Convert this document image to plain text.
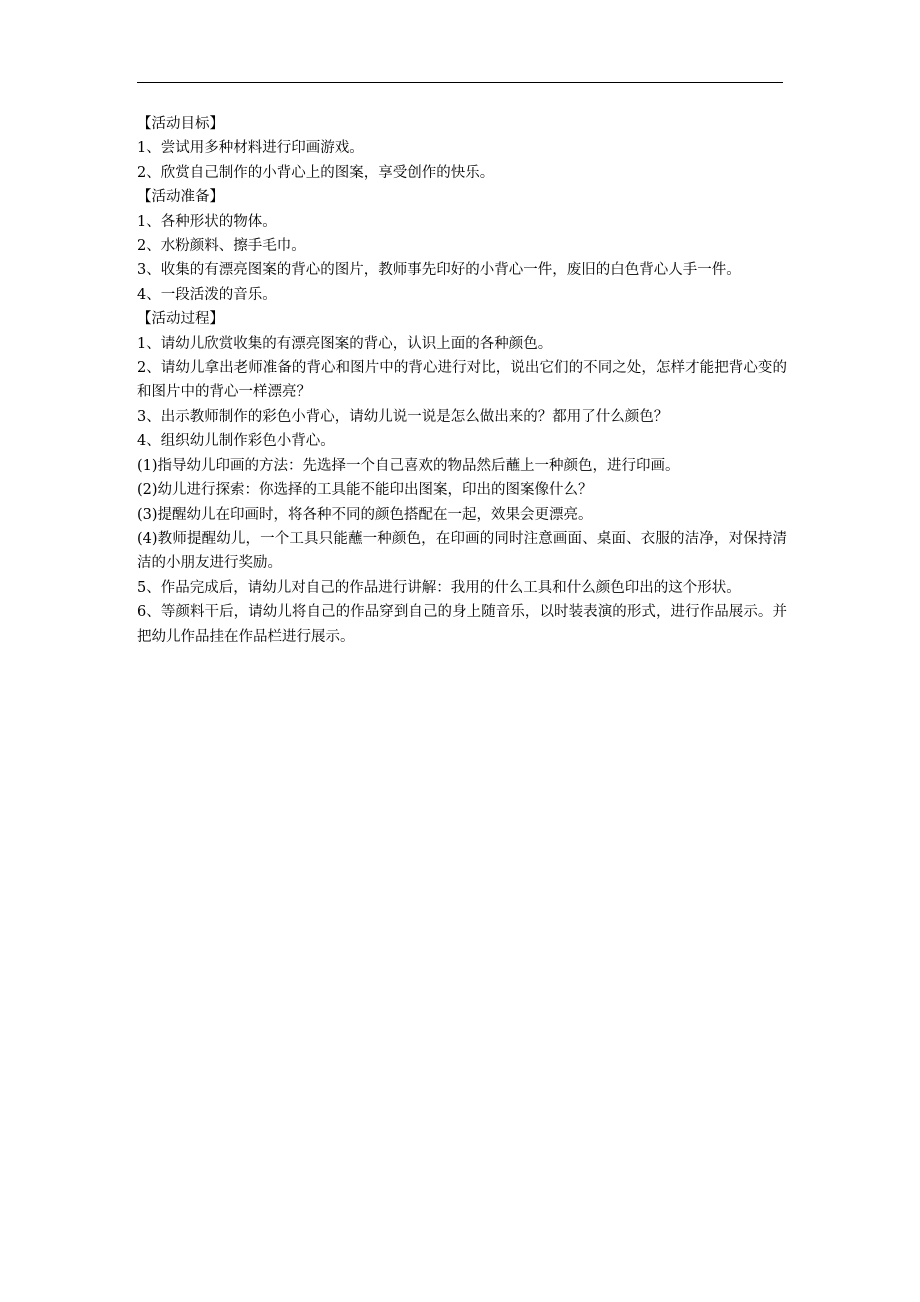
【活动目标】
1、尝试用多种材料进行印画游戏。
2、欣赏自己制作的小背心上的图案，享受创作的快乐。
【活动准备】
1、各种形状的物体。
2、水粉颜料、擦手毛巾。
3、收集的有漂亮图案的背心的图片，教师事先印好的小背心一件，废旧的白色背心人手一件。
4、一段活泼的音乐。
【活动过程】
1、请幼儿欣赏收集的有漂亮图案的背心，认识上面的各种颜色。
2、请幼儿拿出老师准备的背心和图片中的背心进行对比，说出它们的不同之处，怎样才能把背心变的和图片中的背心一样漂亮？
3、出示教师制作的彩色小背心，请幼儿说一说是怎么做出来的？都用了什么颜色？
4、组织幼儿制作彩色小背心。
(1)指导幼儿印画的方法：先选择一个自己喜欢的物品然后蘸上一种颜色，进行印画。
(2)幼儿进行探索：你选择的工具能不能印出图案，印出的图案像什么？
(3)提醒幼儿在印画时，将各种不同的颜色搭配在一起，效果会更漂亮。
(4)教师提醒幼儿，一个工具只能蘸一种颜色，在印画的同时注意画面、桌面、衣服的洁净，对保持清洁的小朋友进行奖励。
5、作品完成后，请幼儿对自己的作品进行讲解：我用的什么工具和什么颜色印出的这个形状。
6、等颜料干后，请幼儿将自己的作品穿到自己的身上随音乐，以时装表演的形式，进行作品展示。并把幼儿作品挂在作品栏进行展示。
